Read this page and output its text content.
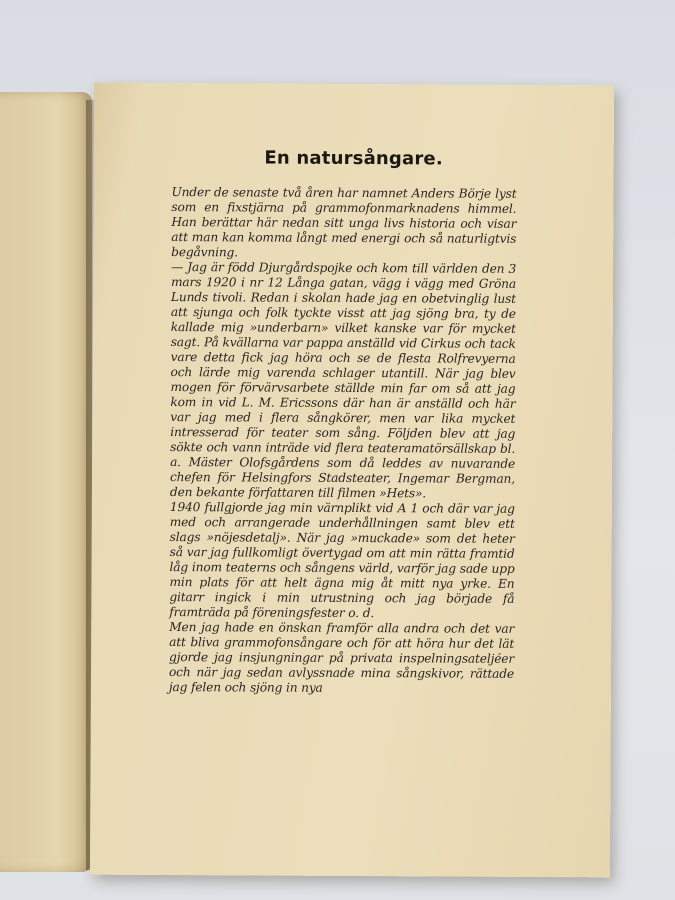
En natursångare.

Under de senaste två åren har namnet Anders Börje lyst som en fixstjärna på grammofonmarknadens himmel. Han berättar här nedan sitt unga livs historia och visar att man kan komma långt med energi och så naturligtvis begåvning.

— Jag är född Djurgårdspojke och kom till världen den 3 mars 1920 i nr 12 Långa gatan, vägg i vägg med Gröna Lunds tivoli. Redan i skolan hade jag en obetvinglig lust att sjunga och folk tyckte visst att jag sjöng bra, ty de kallade mig »underbarn» vilket kanske var för mycket sagt. På kvällarna var pappa anställd vid Cirkus och tack vare detta fick jag höra och se de flesta Rolfrevyerna och lärde mig varenda schlager utantill. När jag blev mogen för förvärvsarbete ställde min far om så att jag kom in vid L. M. Ericssons där han är anställd och här var jag med i flera sångkörer, men var lika mycket intresserad för teater som sång. Följden blev att jag sökte och vann inträde vid flera teateramatörsällskap bl. a. Mäster Olofsgårdens som då leddes av nuvarande chefen för Helsingfors Stadsteater, Ingemar Bergman, den bekante författaren till filmen »Hets».

1940 fullgjorde jag min värnplikt vid A 1 och där var jag med och arrangerade underhållningen samt blev ett slags »nöjesdetalj». När jag »muckade» som det heter så var jag fullkomligt övertygad om att min rätta framtid låg inom teaterns och sångens värld, varför jag sade upp min plats för att helt ägna mig åt mitt nya yrke. En gitarr ingick i min utrustning och jag började få framträda på föreningsfester o. d.

Men jag hade en önskan framför alla andra och det var att bliva grammofonsångare och för att höra hur det lät gjorde jag insjungningar på privata inspelningsateljéer och när jag sedan avlyssnade mina sångskivor, rättade jag felen och sjöng in nya
